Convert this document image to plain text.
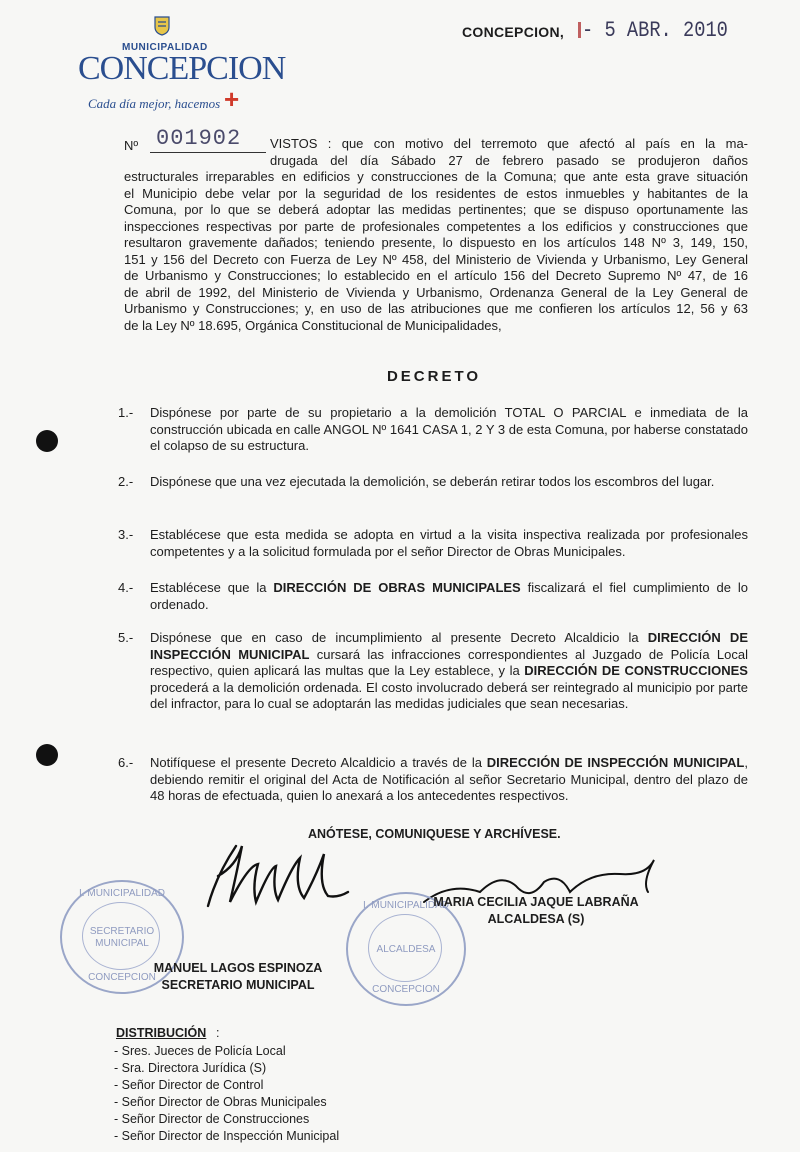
MUNICIPALIDAD
CONCEPCION
Cada día mejor, hacemos +
CONCEPCION, - 5 ABR. 2010
Nº 001902	VISTOS : que con motivo del terremoto que afectó al país en la ma-
drugada del día Sábado 27 de febrero pasado se produjeron daños
estructurales irreparables en edificios y construcciones de la Comuna; que ante esta grave situación
el Municipio debe velar por la seguridad de los residentes de estos inmuebles y habitantes de la
Comuna, por lo que se deberá adoptar las medidas pertinentes; que se dispuso oportunamente las
inspecciones respectivas por parte de profesionales competentes a los edificios y construcciones que
resultaron gravemente dañados; teniendo presente, lo dispuesto en los artículos 148 Nº 3, 149, 150,
151 y 156 del Decreto con Fuerza de Ley Nº 458, del Ministerio de Vivienda y Urbanismo, Ley General
de Urbanismo y Construcciones; lo establecido en el artículo 156 del Decreto Supremo Nº 47, de 16
de abril de 1992, del Ministerio de Vivienda y Urbanismo, Ordenanza General de la Ley General de
Urbanismo y Construcciones; y, en uso de las atribuciones que me confieren los artículos 12, 56 y 63
de la Ley Nº 18.695, Orgánica Constitucional de Municipalidades,
DECRETO
1.- Dispónese por parte de su propietario a la demolición TOTAL O PARCIAL e inmediata de la construcción ubicada en calle ANGOL Nº 1641 CASA 1, 2 Y 3 de esta Comuna, por haberse constatado el colapso de su estructura.
2.- Dispónese que una vez ejecutada la demolición, se deberán retirar todos los escombros del lugar.
3.- Establécese que esta medida se adopta en virtud a la visita inspectiva realizada por profesionales competentes y a la solicitud formulada por el señor Director de Obras Municipales.
4.- Establécese que la DIRECCIÓN DE OBRAS MUNICIPALES fiscalizará el fiel cumplimiento de lo ordenado.
5.- Dispónese que en caso de incumplimiento al presente Decreto Alcaldicio la DIRECCIÓN DE INSPECCIÓN MUNICIPAL cursará las infracciones correspondientes al Juzgado de Policía Local respectivo, quien aplicará las multas que la Ley establece, y la DIRECCIÓN DE CONSTRUCCIONES procederá a la demolición ordenada. El costo involucrado deberá ser reintegrado al municipio por parte del infractor, para lo cual se adoptarán las medidas judiciales que sean necesarias.
6.- Notifíquese el presente Decreto Alcaldicio a través de la DIRECCIÓN DE INSPECCIÓN MUNICIPAL, debiendo remitir el original del Acta de Notificación al señor Secretario Municipal, dentro del plazo de 48 horas de efectuada, quien lo anexará a los antecedentes respectivos.
ANÓTESE, COMUNIQUESE Y ARCHÍVESE.
I. MUNICIPALIDAD
SECRETARIO
MUNICIPAL
CONCEPCION
I. MUNICIPALIDAD
ALCALDESA
CONCEPCION
MARIA CECILIA JAQUE LABRAÑA
ALCALDESA (S)
MANUEL LAGOS ESPINOZA
SECRETARIO MUNICIPAL
DISTRIBUCIÓN :
- Sres. Jueces de Policía Local
- Sra. Directora Jurídica (S)
- Señor Director de Control
- Señor Director de Obras Municipales
- Señor Director de Construcciones
- Señor Director de Inspección Municipal
